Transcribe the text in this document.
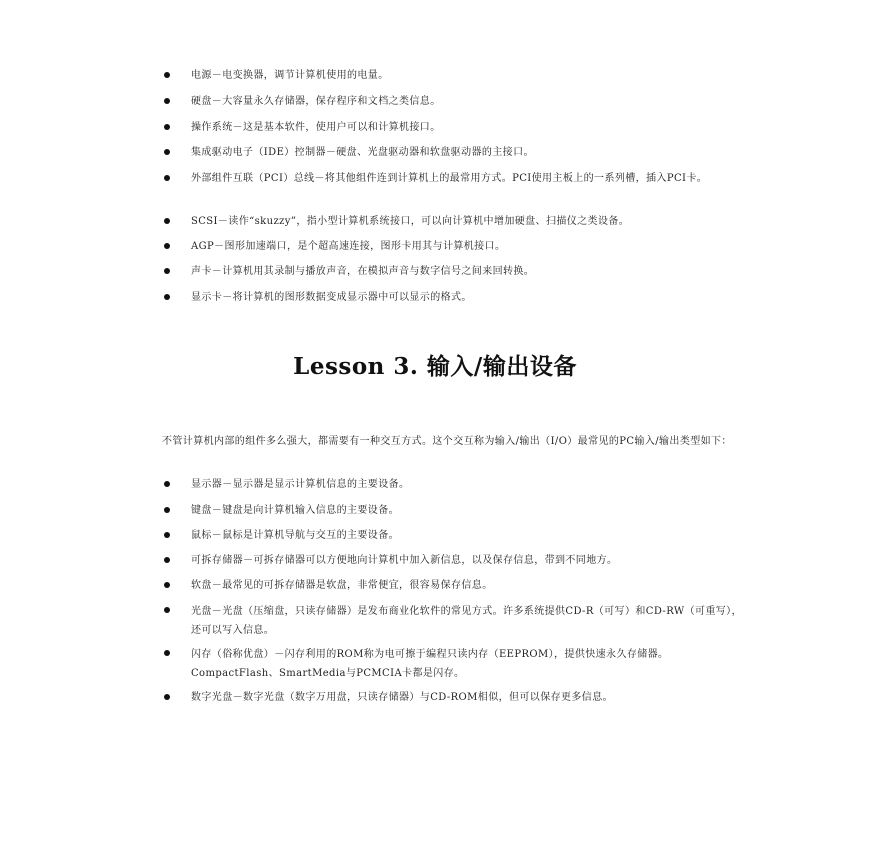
电源－电变换器，调节计算机使用的电量。
硬盘－大容量永久存储器，保存程序和文档之类信息。
操作系统－这是基本软件，使用户可以和计算机接口。
集成驱动电子（IDE）控制器－硬盘、光盘驱动器和软盘驱动器的主接口。
外部组件互联（PCI）总线－将其他组件连到计算机上的最常用方式。PCI使用主板上的一系列槽，插入PCI卡。
SCSI－读作“skuzzy”，指小型计算机系统接口，可以向计算机中增加硬盘、扫描仪之类设备。
AGP－图形加速端口，是个超高速连接，图形卡用其与计算机接口。
声卡－计算机用其录制与播放声音，在模拟声音与数字信号之间来回转换。
显示卡－将计算机的图形数据变成显示器中可以显示的格式。
Lesson 3. 输入/输出设备

不管计算机内部的组件多么强大，都需要有一种交互方式。这个交互称为输入/输出（I/O）最常见的PC输入/输出类型如下：

显示器－显示器是显示计算机信息的主要设备。
键盘－键盘是向计算机输入信息的主要设备。
鼠标－鼠标是计算机导航与交互的主要设备。
可拆存储器－可拆存储器可以方便地向计算机中加入新信息，以及保存信息，带到不同地方。
软盘－最常见的可拆存储器是软盘，非常便宜，很容易保存信息。
光盘－光盘（压缩盘，只读存储器）是发布商业化软件的常见方式。许多系统提供CD-R（可写）和CD-RW（可重写），还可以写入信息。
闪存（俗称优盘）－闪存利用的ROM称为电可擦于编程只读内存（EEPROM），提供快速永久存储器。CompactFlash、SmartMedia与PCMCIA卡都是闪存。
数字光盘－数字光盘（数字万用盘，只读存储器）与CD-ROM相似，但可以保存更多信息。
